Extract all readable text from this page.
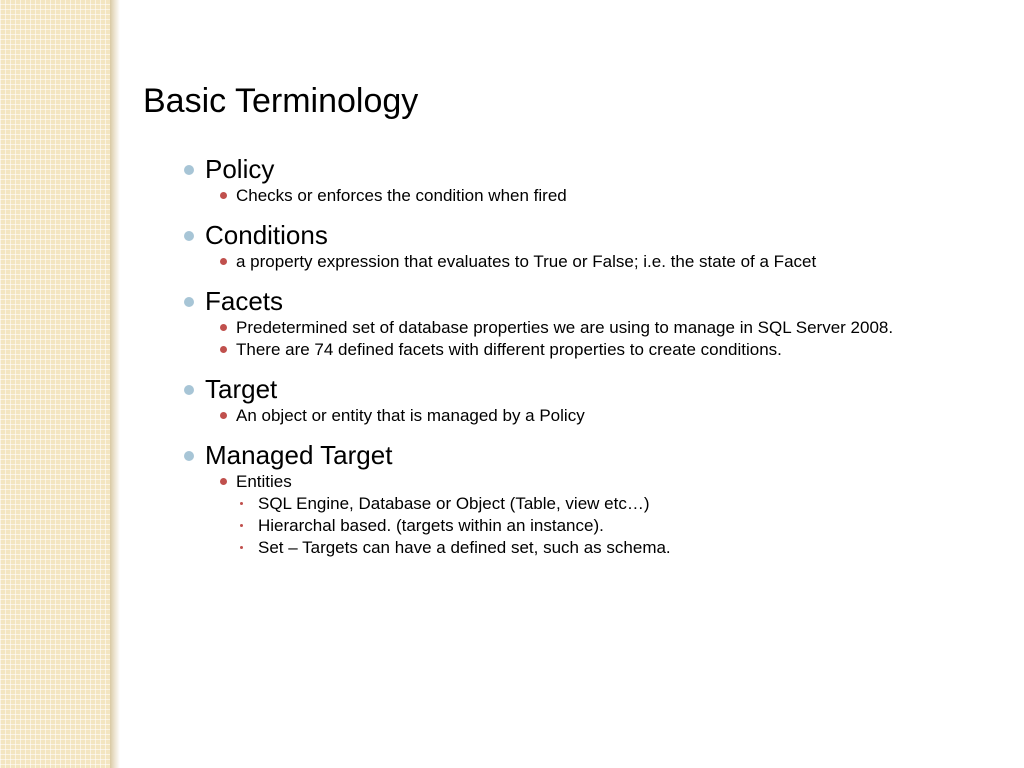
Basic Terminology
Policy
Checks or enforces the condition when fired
Conditions
a property expression that evaluates to True or False; i.e. the state of a Facet
Facets
Predetermined set of database properties we are using to manage in SQL Server 2008.
There are 74 defined facets with different properties to create conditions.
Target
An object or entity that is managed by a Policy
Managed Target
Entities
SQL Engine, Database or Object (Table, view etc…)
Hierarchal based. (targets within an instance).
Set – Targets can have a defined set, such as schema.
